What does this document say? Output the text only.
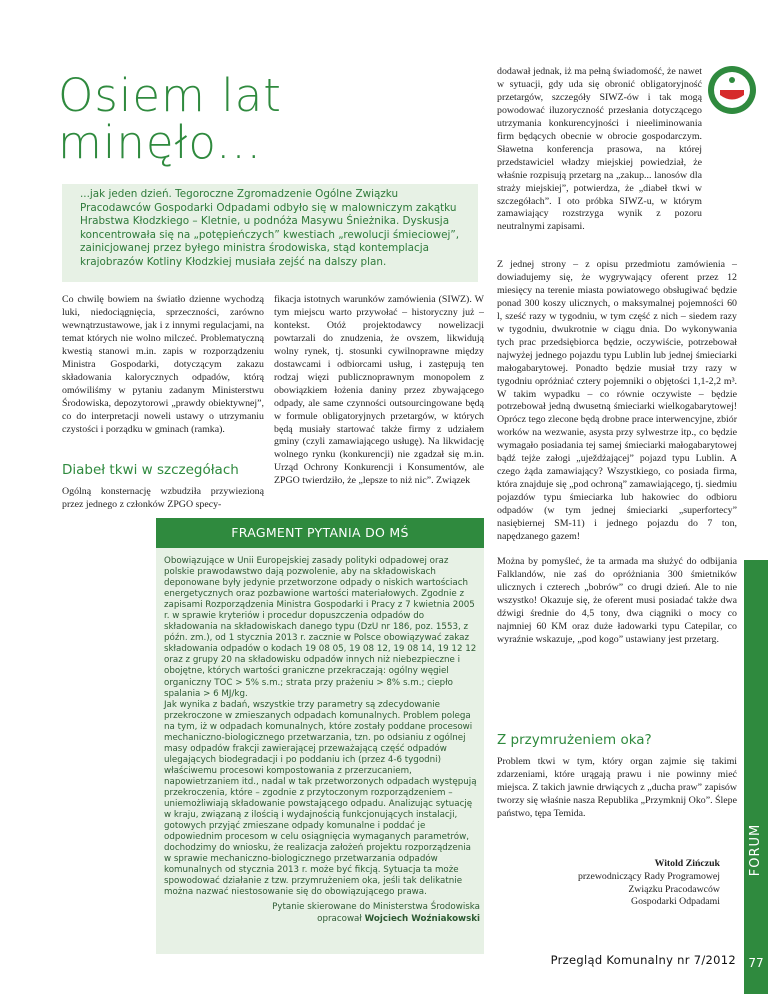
Osiem lat
minęło...

...jak jeden dzień. Tegoroczne Zgromadzenie Ogólne Związku Pracodawców Gospodarki Odpadami odbyło się w malowniczym zakątku Hrabstwa Kłodzkiego – Kletnie, u podnóża Masywu Śnieżnika. Dyskusja koncentrowała się na „potępieńczych” kwestiach „rewolucji śmieciowej”, zainicjowanej przez byłego ministra środowiska, stąd kontemplacja krajobrazów Kotliny Kłodzkiej musiała zejść na dalszy plan.

Co chwilę bowiem na światło dzienne wychodzą luki, niedociągnięcia, sprzeczności, zarówno wewnątrzustawowe, jak i z innymi regulacjami, na temat których nie wolno milczeć. Problematyczną kwestią stanowi m.in. zapis w rozporządzeniu Ministra Gospodarki, dotyczącym zakazu składowania kalorycznych odpadów, którą omówiliśmy w pytaniu zadanym Ministerstwu Środowiska, depozytorowi „prawdy obiektywnej”, co do interpretacji noweli ustawy o utrzymaniu czystości i porządku w gminach (ramka).

Diabeł tkwi w szczegółach

Ogólną konsternację wzbudziła przywiezioną przez jednego z członków ZPGO specy-

fikacja istotnych warunków zamówienia (SIWZ). W tym miejscu warto przywołać – historyczny już – kontekst. Otóż projektodawcy nowelizacji powtarzali do znudzenia, że ovszem, likwidują wolny rynek, tj. stosunki cywilnoprawne między dostawcami i odbiorcami usług, i zastępują ten rodzaj więzi publicznoprawnym monopolem z obowiązkiem łożenia daniny przez zbywającego odpady, ale same czynności outsourcingowane będą w formule obligatoryjnych przetargów, w których będą musiały startować także firmy z udziałem gminy (czyli zamawiającego usługę). Na likwidację wolnego rynku (konkurencji) nie zgadzał się m.in. Urząd Ochrony Konkurencji i Konsumentów, ale ZPGO twierdziło, że „lepsze to niż nic”. Związek

FRAGMENT PYTANIA DO MŚ

Obowiązujące w Unii Europejskiej zasady polityki odpadowej oraz polskie prawodawstwo dają pozwolenie, aby na składowiskach deponowane były jedynie przetworzone odpady o niskich wartościach energetycznych oraz pozbawione wartości materiałowych. Zgodnie z zapisami Rozporządzenia Ministra Gospodarki i Pracy z 7 kwietnia 2005 r. w sprawie kryteriów i procedur dopuszczenia odpadów do składowania na składowiskach danego typu (DzU nr 186, poz. 1553, z późn. zm.), od 1 stycznia 2013 r. zacznie w Polsce obowiązywać zakaz składowania odpadów o kodach 19 08 05, 19 08 12, 19 08 14, 19 12 12 oraz z grupy 20 na składowisku odpadów innych niż niebezpieczne i obojętne, których wartości graniczne przekraczają: ogólny węgiel organiczny TOC > 5% s.m.; strata przy prażeniu > 8% s.m.; ciepło spalania > 6 MJ/kg.

Jak wynika z badań, wszystkie trzy parametry są zdecydowanie przekroczone w zmieszanych odpadach komunalnych. Problem polega na tym, iż w odpadach komunalnych, które zostały poddane procesowi mechaniczno-biologicznego przetwarzania, tzn. po odsianiu z ogólnej masy odpadów frakcji zawierającej przeważającą część odpadów ulegających biodegradacji i po poddaniu ich (przez 4-6 tygodni) właściwemu procesowi kompostowania z przerzucaniem, napowietrzaniem itd., nadal w tak przetworzonych odpadach występują przekroczenia, które – zgodnie z przytoczonym rozporządzeniem – uniemożliwiają składowanie powstającego odpadu. Analizując sytuację w kraju, związaną z ilością i wydajnością funkcjonujących instalacji, gotowych przyjąć zmieszane odpady komunalne i poddać je odpowiednim procesom w celu osiągnięcia wymaganych parametrów, dochodzimy do wniosku, że realizacja założeń projektu rozporządzenia w sprawie mechaniczno-biologicznego przetwarzania odpadów komunalnych od stycznia 2013 r. może być fikcją. Sytuacja ta może spowodować działanie z tzw. przymrużeniem oka, jeśli tak delikatnie można nazwać niestosowanie się do obowiązującego prawa.

Pytanie skierowane do Ministerstwa Środowiska
opracował Wojciech Woźniakowski

dodawał jednak, iż ma pełną świadomość, że nawet w sytuacji, gdy uda się obronić obligatoryjność przetargów, szczegóły SIWZ-ów i tak mogą powodować iluzoryczność przesłania dotyczącego utrzymania konkurencyjności i nieeliminowania firm będących obecnie w obrocie gospodarczym. Sławetna konferencja prasowa, na której przedstawiciel władzy miejskiej powiedział, że właśnie rozpisują przetarg na „zakup... lanosów dla straży miejskiej”, potwierdza, że „diabeł tkwi w szczegółach”. I oto próbka SIWZ-u, w którym zamawiający rozstrzyga wynik z pozoru neutralnymi zapisami.

Z jednej strony – z opisu przedmiotu zamówienia – dowiadujemy się, że wygrywający oferent przez 12 miesięcy na terenie miasta powiatowego obsługiwać będzie ponad 300 koszy ulicznych, o maksymalnej pojemności 60 l, sześć razy w tygodniu, w tym część z nich – siedem razy w tygodniu, dwukrotnie w ciągu dnia. Do wykonywania tych prac przedsiębiorca będzie, oczywiście, potrzebował najwyżej jednego pojazdu typu Lublin lub jednej śmieciarki małogabarytowej. Ponadto będzie musiał trzy razy w tygodniu opróżniać cztery pojemniki o objętości 1,1-2,2 m³. W takim wypadku – co równie oczywiste – będzie potrzebował jedną dwusetną śmieciarki wielkogabarytowej! Oprócz tego zlecone będą drobne prace interwencyjne, zbiór worków na wezwanie, asysta przy sylwestrze itp., co będzie wymagało posiadania tej samej śmieciarki małogabarytowej bądź tejże załogi „uježdżającej” pojazd typu Lublin. A czego żąda zamawiający? Wszystkiego, co posiada firma, która znajduje się „pod ochroną” zamawiającego, tj. siedmiu pojazdów typu śmieciarka lub hakowiec do odbioru odpadów (w tym jednej śmieciarki „superfortecy” nasiębiernej SM-11) i jednego pojazdu do 7 ton, napędzanego gazem!

Można by pomyśleć, że ta armada ma służyć do odbijania Falklandów, nie zaś do opróżniania 300 śmietników ulicznych i czterech „bobrów” co drugi dzień. Ale to nie wszystko! Okazuje się, że oferent musi posiadać także dwa dźwigi średnie do 4,5 tony, dwa ciągniki o mocy co najmniej 60 KM oraz duże ładowarki typu Catepilar, co wyraźnie wskazuje, „pod kogo” ustawiany jest przetarg.

Z przymrużeniem oka?

Problem tkwi w tym, który organ zajmie się takimi zdarzeniami, które urągają prawu i nie powinny mieć miejsca. Z takich jawnie drwiących z „ducha praw” zapisów tworzy się właśnie nasza Republika „Przymknij Oko”. Ślepe państwo, tępa Temida.

Witold Zińczuk
przewodniczący Rady Programowej
Związku Pracodawców
Gospodarki Odpadami
FORUM
77
Przegląd Komunalny nr 7/2012
